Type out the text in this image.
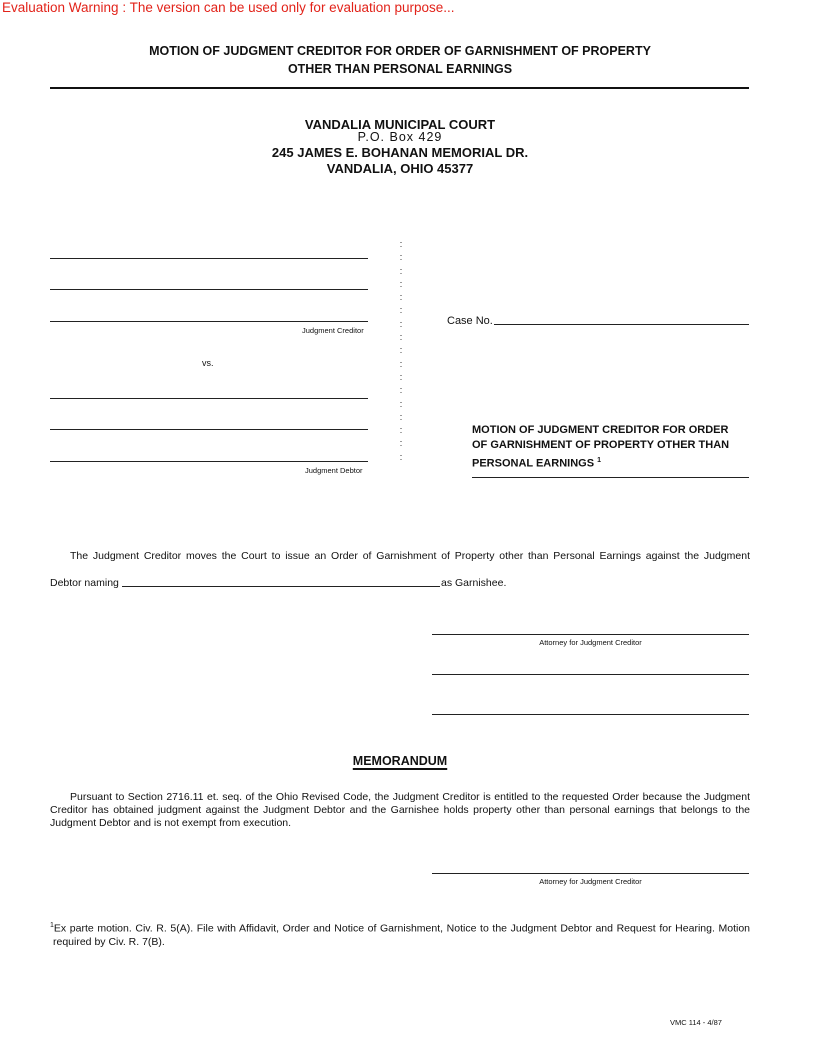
Evaluation Warning : The version can be used only for evaluation purpose...
MOTION OF JUDGMENT CREDITOR FOR ORDER OF GARNISHMENT OF PROPERTY
OTHER THAN PERSONAL EARNINGS
VANDALIA MUNICIPAL COURT
P.O. Box 429
245 JAMES E. BOHANAN MEMORIAL DR.
VANDALIA, OHIO 45377
Judgment Creditor
vs.
Judgment Debtor
:
:
:
:
:
:
:
:
:
:
:
:
:
:
:
:
:
Case No.
MOTION OF JUDGMENT CREDITOR FOR ORDER
OF GARNISHMENT OF PROPERTY OTHER THAN
PERSONAL EARNINGS $^1$
The Judgment Creditor moves the Court to issue an Order of Garnishment of Property other than Personal Earnings against the Judgment
Debtor naming	as Garnishee.
Attorney for Judgment Creditor
MEMORANDUM
Pursuant to Section 2716.11 et. seq. of the Ohio Revised Code, the Judgment Creditor is entitled to the requested Order because the Judgment
Creditor has obtained judgment against the Judgment Debtor and the Garnishee holds property other than personal earnings that belongs to the
Judgment Debtor and is not exempt from execution.
Attorney for Judgment Creditor
$^1$Ex parte motion. Civ. R. 5(A). File with Affidavit, Order and Notice of Garnishment, Notice to the Judgment Debtor and Request for Hearing. Motion
required by Civ. R. 7(B).
VMC 114 - 4/87
